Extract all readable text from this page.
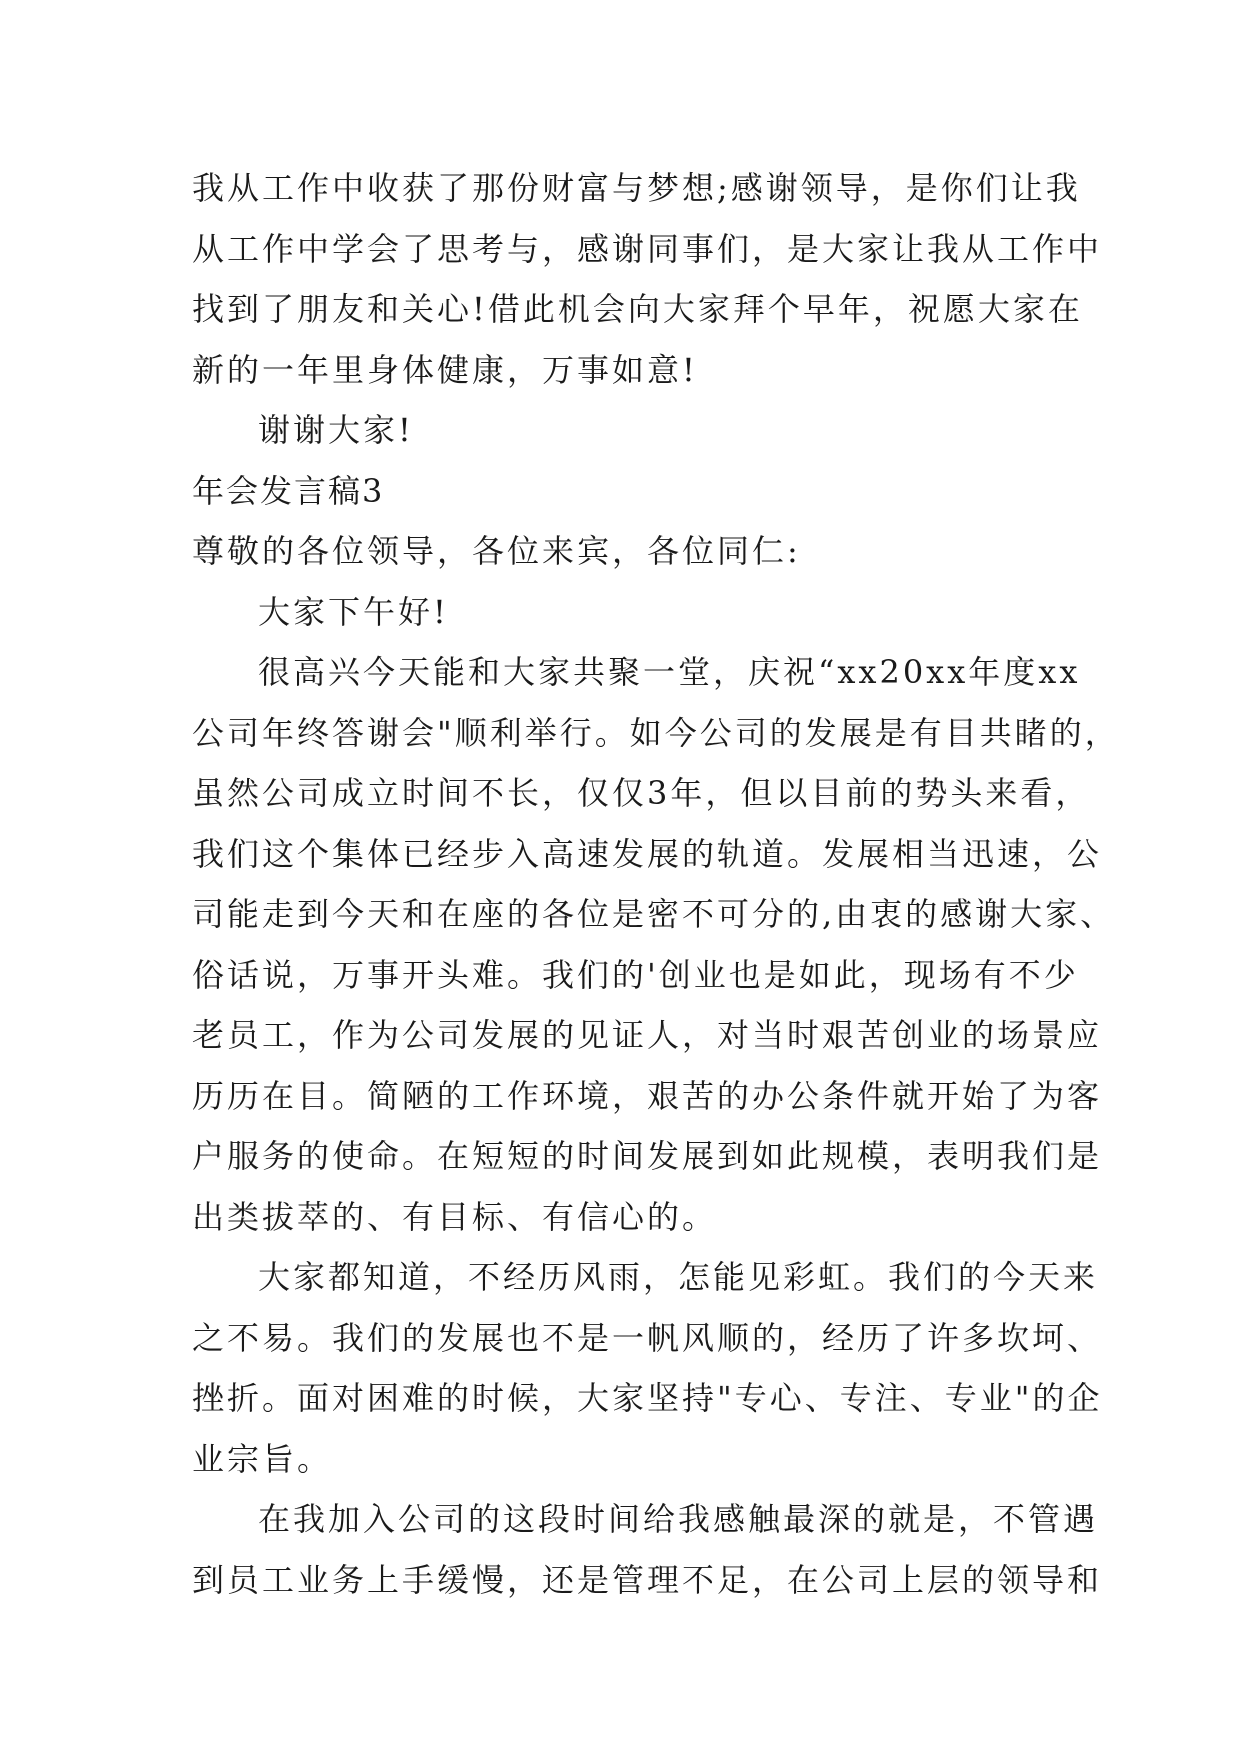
我从工作中收获了那份财富与梦想;感谢领导，是你们让我
从工作中学会了思考与，感谢同事们，是大家让我从工作中
找到了朋友和关心!借此机会向大家拜个早年，祝愿大家在
新的一年里身体健康，万事如意!
谢谢大家!
年会发言稿3
尊敬的各位领导，各位来宾，各位同仁:
大家下午好!
很高兴今天能和大家共聚一堂，庆祝“xx20xx年度xx
公司年终答谢会"顺利举行。如今公司的发展是有目共睹的，
虽然公司成立时间不长，仅仅3年，但以目前的势头来看，
我们这个集体已经步入高速发展的轨道。发展相当迅速，公
司能走到今天和在座的各位是密不可分的,由衷的感谢大家、
俗话说，万事开头难。我们的'创业也是如此，现场有不少
老员工，作为公司发展的见证人，对当时艰苦创业的场景应
历历在目。简陋的工作环境，艰苦的办公条件就开始了为客
户服务的使命。在短短的时间发展到如此规模，表明我们是
出类拔萃的、有目标、有信心的。
大家都知道，不经历风雨，怎能见彩虹。我们的今天来
之不易。我们的发展也不是一帆风顺的，经历了许多坎坷、
挫折。面对困难的时候，大家坚持"专心、专注、专业"的企
业宗旨。
在我加入公司的这段时间给我感触最深的就是，不管遇
到员工业务上手缓慢，还是管理不足，在公司上层的领导和
